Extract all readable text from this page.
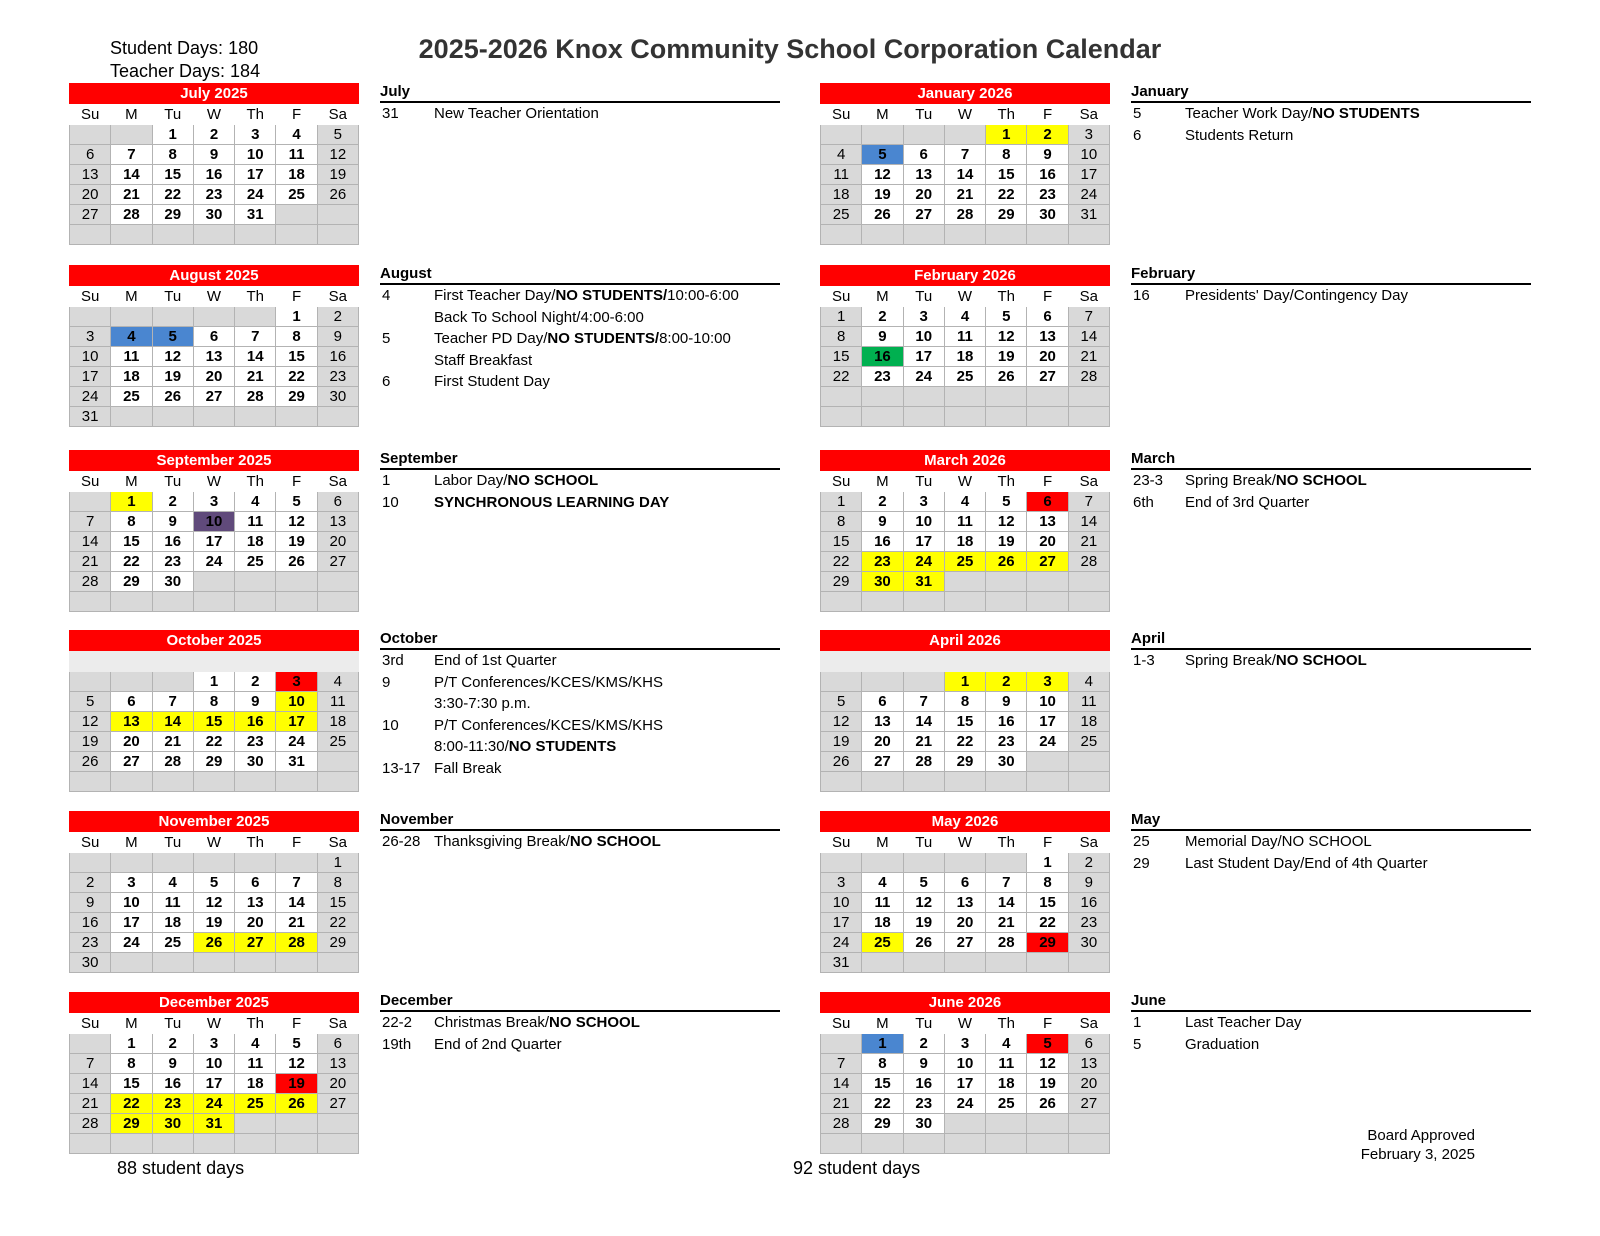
Student Days: 180
Teacher Days: 184
2025-2026 Knox Community School Corporation Calendar
July 2025						
Su	M	Tu	W	Th	F	Sa
		1	2	3	4	5
6	7	8	9	10	11	12
13	14	15	16	17	18	19
20	21	22	23	24	25	26
27	28	29	30	31		

August 2025						
Su	M	Tu	W	Th	F	Sa
					1	2
3	4	5	6	7	8	9
10	11	12	13	14	15	16
17	18	19	20	21	22	23
24	25	26	27	28	29	30
31						
September 2025						
Su	M	Tu	W	Th	F	Sa
	1	2	3	4	5	6
7	8	9	10	11	12	13
14	15	16	17	18	19	20
21	22	23	24	25	26	27
28	29	30				

October 2025						

			1	2	3	4
5	6	7	8	9	10	11
12	13	14	15	16	17	18
19	20	21	22	23	24	25
26	27	28	29	30	31	

November 2025						
Su	M	Tu	W	Th	F	Sa
						1
2	3	4	5	6	7	8
9	10	11	12	13	14	15
16	17	18	19	20	21	22
23	24	25	26	27	28	29
30						
December 2025						
Su	M	Tu	W	Th	F	Sa
	1	2	3	4	5	6
7	8	9	10	11	12	13
14	15	16	17	18	19	20
21	22	23	24	25	26	27
28	29	30	31			

January 2026						
Su	M	Tu	W	Th	F	Sa
				1	2	3
4	5	6	7	8	9	10
11	12	13	14	15	16	17
18	19	20	21	22	23	24
25	26	27	28	29	30	31

February 2026						
Su	M	Tu	W	Th	F	Sa
1	2	3	4	5	6	7
8	9	10	11	12	13	14
15	16	17	18	19	20	21
22	23	24	25	26	27	28

March 2026						
Su	M	Tu	W	Th	F	Sa
1	2	3	4	5	6	7
8	9	10	11	12	13	14
15	16	17	18	19	20	21
22	23	24	25	26	27	28
29	30	31				

April 2026						

			1	2	3	4
5	6	7	8	9	10	11
12	13	14	15	16	17	18
19	20	21	22	23	24	25
26	27	28	29	30		

May 2026						
Su	M	Tu	W	Th	F	Sa
					1	2
3	4	5	6	7	8	9
10	11	12	13	14	15	16
17	18	19	20	21	22	23
24	25	26	27	28	29	30
31						
June 2026						
Su	M	Tu	W	Th	F	Sa
	1	2	3	4	5	6
7	8	9	10	11	12	13
14	15	16	17	18	19	20
21	22	23	24	25	26	27
28	29	30				

July
31 New Teacher Orientation
August
4	First Teacher Day/NO STUDENTS/10:00-6:00
Back To School Night/4:00-6:00
5	Teacher PD Day/NO STUDENTS/8:00-10:00
Staff Breakfast
6	First Student Day
September
1	Labor Day/NO SCHOOL
10 SYNCHRONOUS LEARNING DAY
October
3rd End of 1st Quarter
9	P/T Conferences/KCES/KMS/KHS
3:30-7:30 p.m.
10 P/T Conferences/KCES/KMS/KHS
8:00-11:30/NO STUDENTS
13-17 Fall Break
November
26-28 Thanksgiving Break/NO SCHOOL
December
22-2 Christmas Break/NO SCHOOL
19th End of 2nd Quarter
January
5	Teacher Work Day/NO STUDENTS
6	Students Return
February
16 Presidents' Day/Contingency Day
March
23-3 Spring Break/NO SCHOOL
6th End of 3rd Quarter
April
1-3 Spring Break/NO SCHOOL
May
25 Memorial Day/NO SCHOOL
29 Last Student Day/End of 4th Quarter
June
1	Last Teacher Day
5	Graduation
88 student days	92 student days
Board Approved
February 3, 2025
